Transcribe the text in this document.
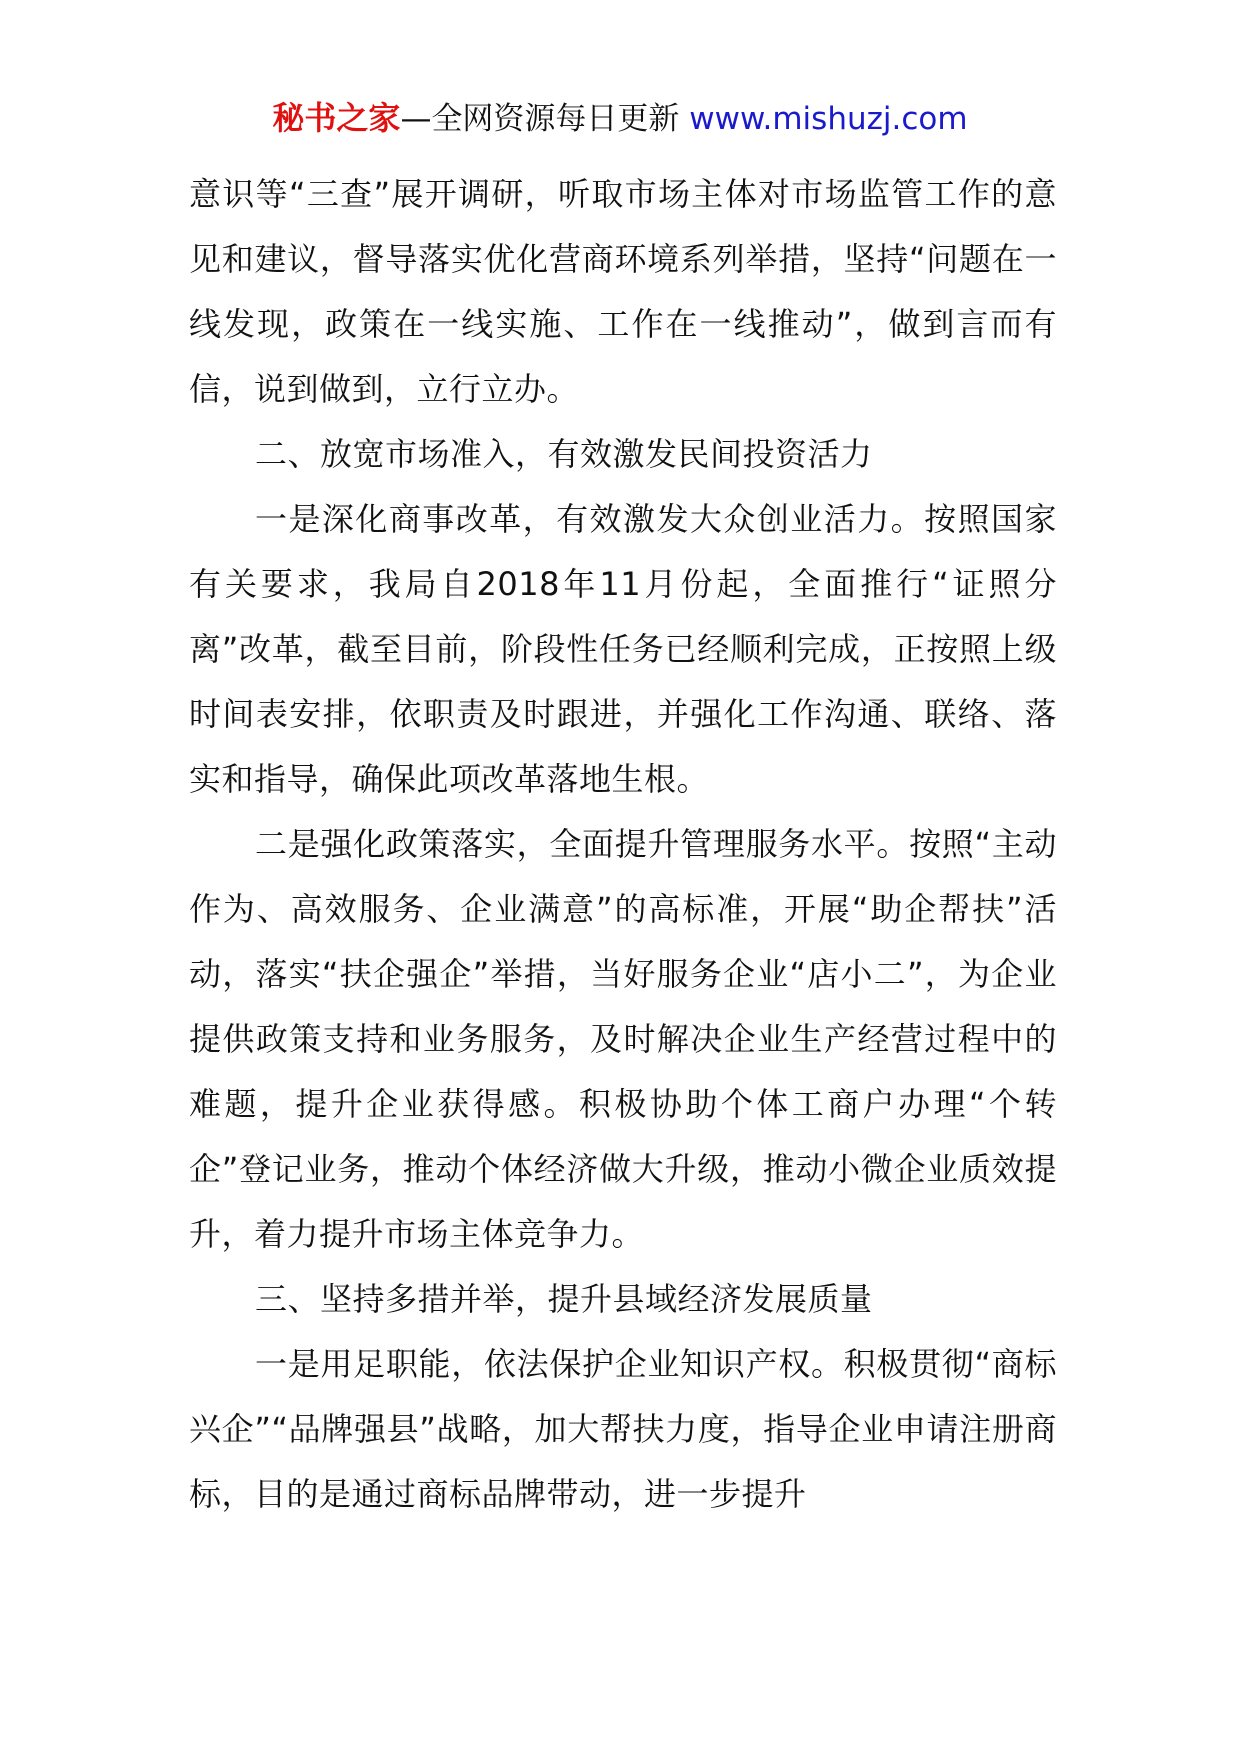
秘书之家—全网资源每日更新 www.mishuzj.com

意识等“三查”展开调研，听取市场主体对市场监管工作的意见和建议，督导落实优化营商环境系列举措，坚持“问题在一线发现，政策在一线实施、工作在一线推动”，做到言而有信，说到做到，立行立办。

二、放宽市场准入，有效激发民间投资活力

一是深化商事改革，有效激发大众创业活力。按照国家有关要求，我局自2018年11月份起，全面推行“证照分离”改革，截至目前，阶段性任务已经顺利完成，正按照上级时间表安排，依职责及时跟进，并强化工作沟通、联络、落实和指导，确保此项改革落地生根。

二是强化政策落实，全面提升管理服务水平。按照“主动作为、高效服务、企业满意”的高标准，开展“助企帮扶”活动，落实“扶企强企”举措，当好服务企业“店小二”，为企业提供政策支持和业务服务，及时解决企业生产经营过程中的难题，提升企业获得感。积极协助个体工商户办理“个转企”登记业务，推动个体经济做大升级，推动小微企业质效提升，着力提升市场主体竞争力。

三、坚持多措并举，提升县域经济发展质量

一是用足职能，依法保护企业知识产权。积极贯彻“商标兴企”“品牌强县”战略，加大帮扶力度，指导企业申请注册商标，目的是通过商标品牌带动，进一步提升
